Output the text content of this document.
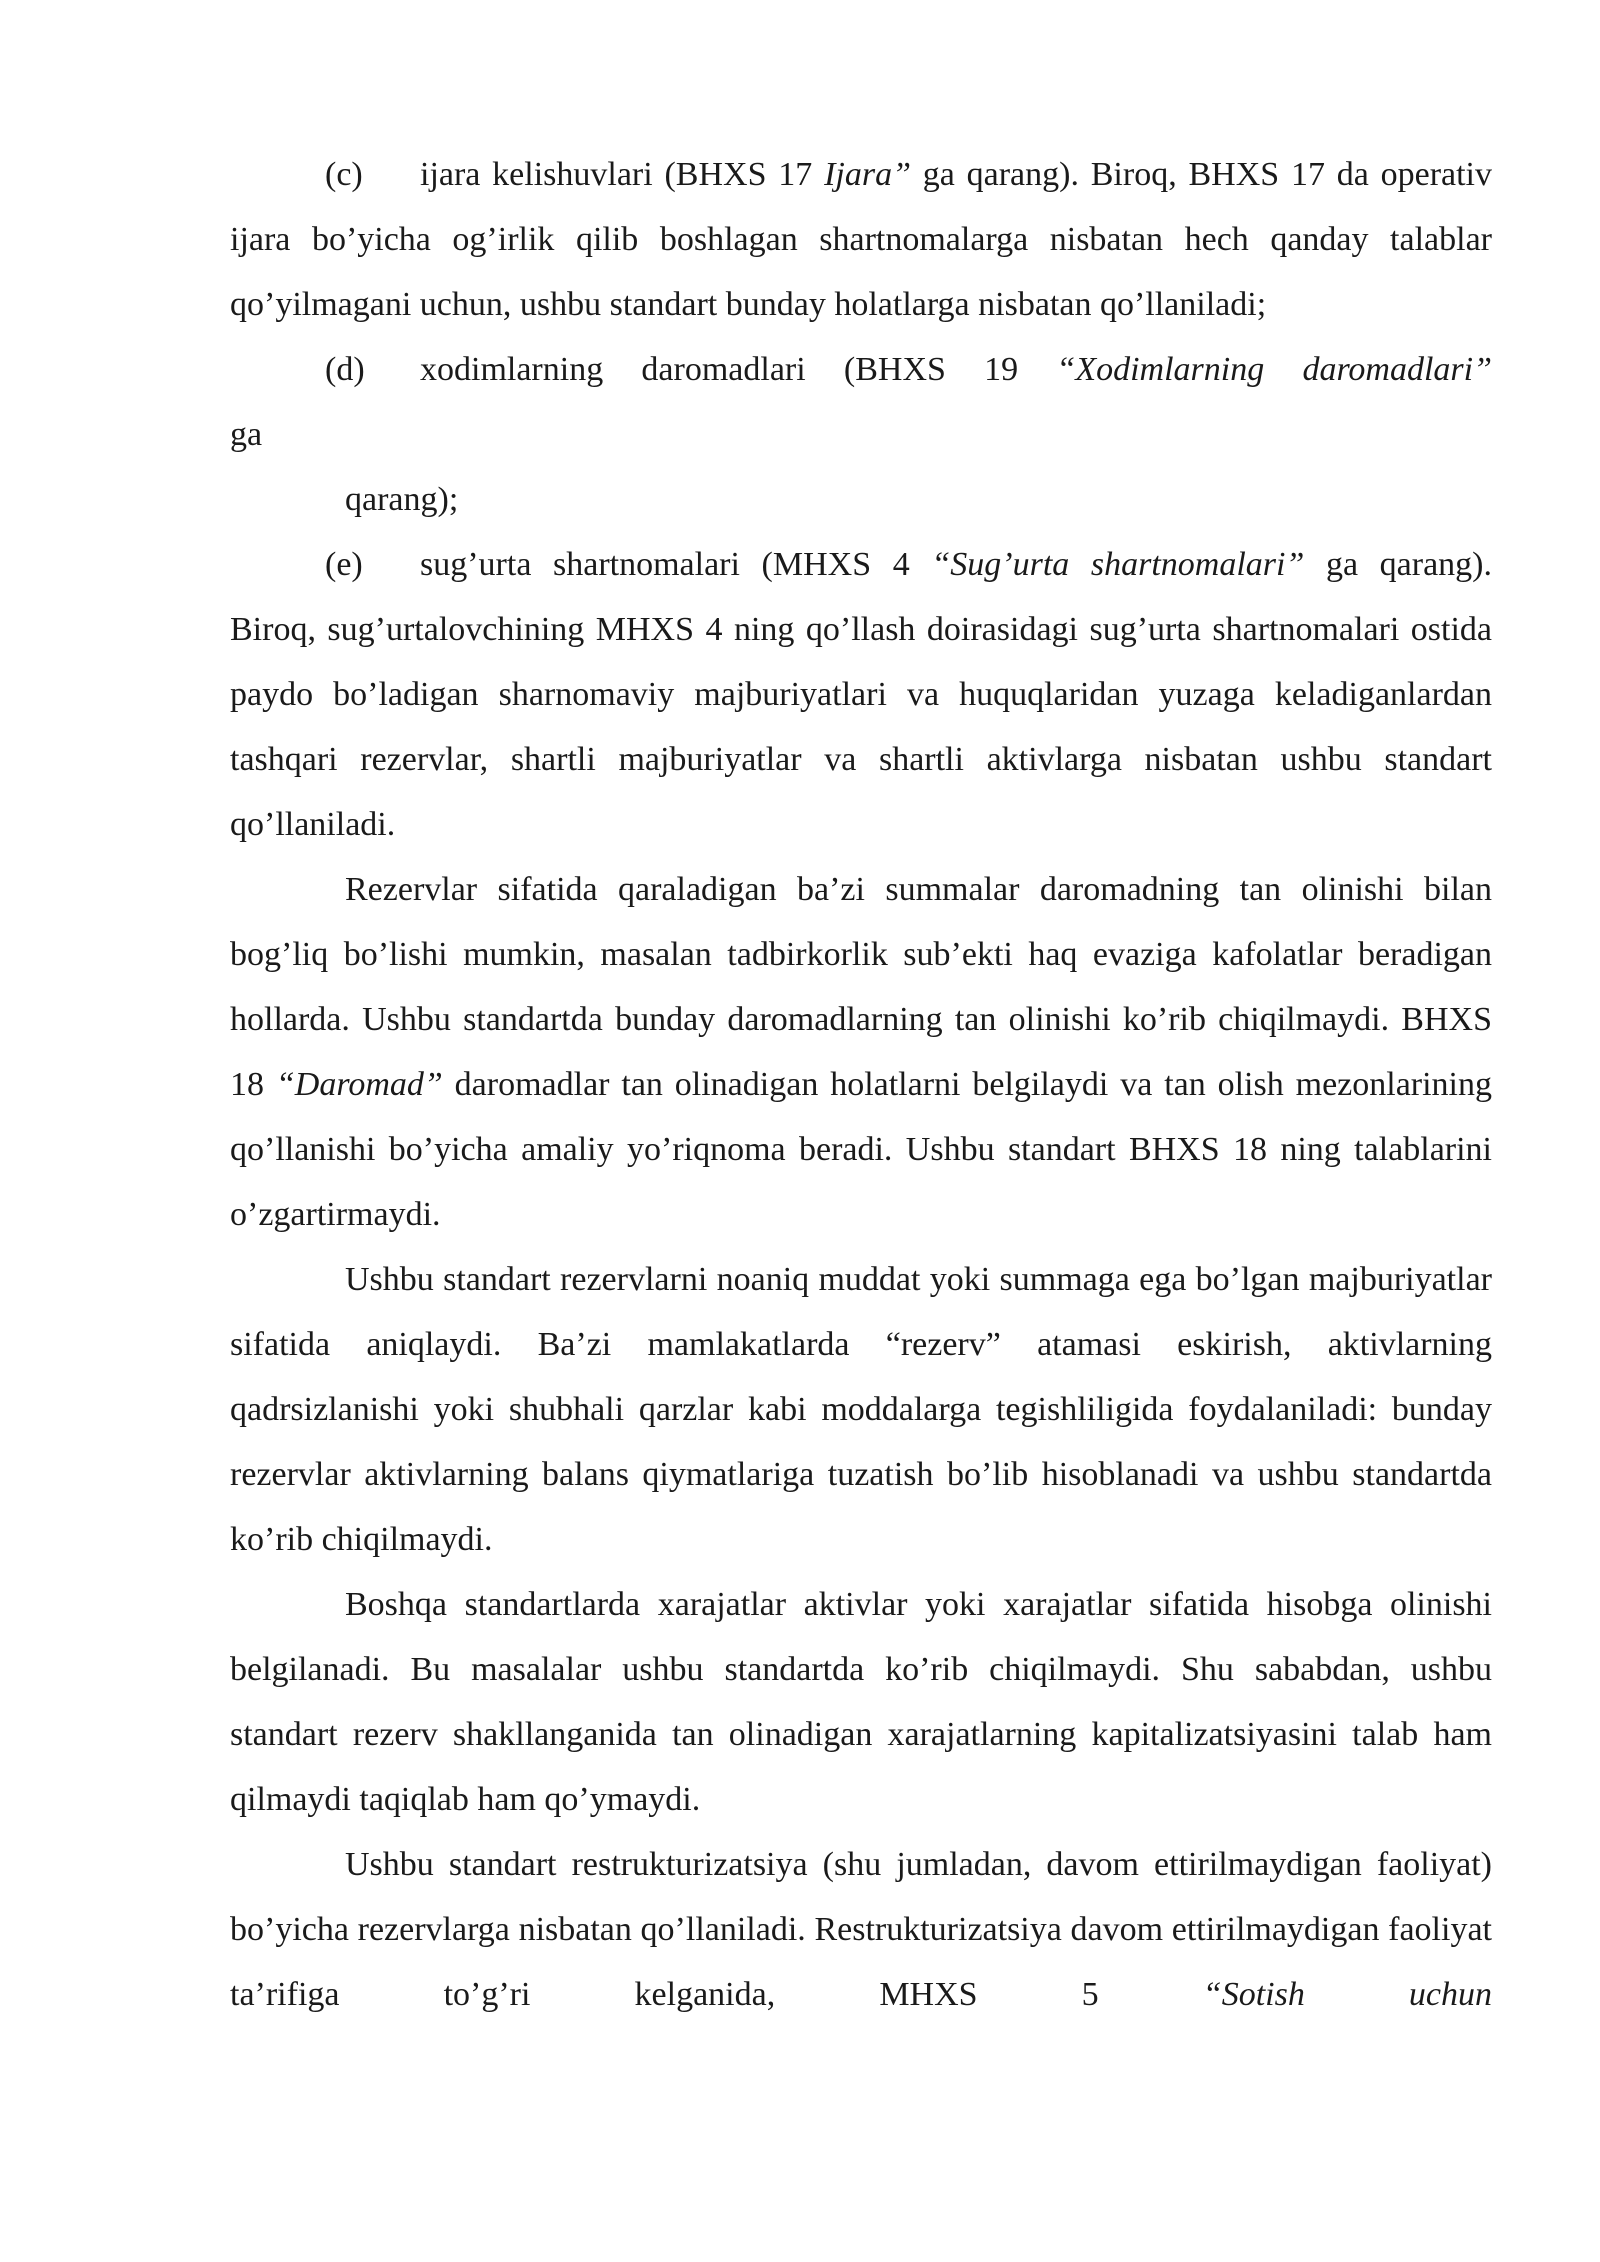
(c) ijara kelishuvlari (BHXS 17 Ijara” ga qarang). Biroq, BHXS 17 da operativ ijara bo’yicha og’irlik qilib boshlagan shartnomalarga nisbatan hech qanday talablar qo’yilmagani uchun, ushbu standart bunday holatlarga nisbatan qo’llaniladi;

(d) xodimlarning daromadlari (BHXS 19 “Xodimlarning daromadlari”

ga

qarang);

(e) sug’urta shartnomalari (MHXS 4 “Sug’urta shartnomalari” ga qarang). Biroq, sug’urtalovchining MHXS 4 ning qo’llash doirasidagi sug’urta shartnomalari ostida paydo bo’ladigan sharnomaviy majburiyatlari va huquqlaridan yuzaga keladiganlardan tashqari rezervlar, shartli majburiyatlar va shartli aktivlarga nisbatan ushbu standart qo’llaniladi.

Rezervlar sifatida qaraladigan ba’zi summalar daromadning tan olinishi bilan bog’liq bo’lishi mumkin, masalan tadbirkorlik sub’ekti haq evaziga kafolatlar beradigan hollarda. Ushbu standartda bunday daromadlarning tan olinishi ko’rib chiqilmaydi. BHXS 18 “Daromad” daromadlar tan olinadigan holatlarni belgilaydi va tan olish mezonlarining qo’llanishi bo’yicha amaliy yo’riqnoma beradi. Ushbu standart BHXS 18 ning talablarini o’zgartirmaydi.

Ushbu standart rezervlarni noaniq muddat yoki summaga ega bo’lgan majburiyatlar sifatida aniqlaydi. Ba’zi mamlakatlarda “rezerv” atamasi eskirish, aktivlarning qadrsizlanishi yoki shubhali qarzlar kabi moddalarga tegishliligida foydalaniladi: bunday rezervlar aktivlarning balans qiymatlariga tuzatish bo’lib hisoblanadi va ushbu standartda ko’rib chiqilmaydi.

Boshqa standartlarda xarajatlar aktivlar yoki xarajatlar sifatida hisobga olinishi belgilanadi. Bu masalalar ushbu standartda ko’rib chiqilmaydi. Shu sababdan, ushbu standart rezerv shakllanganida tan olinadigan xarajatlarning kapitalizatsiyasini talab ham qilmaydi taqiqlab ham qo’ymaydi.

Ushbu standart restrukturizatsiya (shu jumladan, davom ettirilmaydigan faoliyat) bo’yicha rezervlarga nisbatan qo’llaniladi. Restrukturizatsiya davom ettirilmaydigan faoliyat ta’rifiga to’g’ri kelganida, MHXS 5 “Sotish uchun
